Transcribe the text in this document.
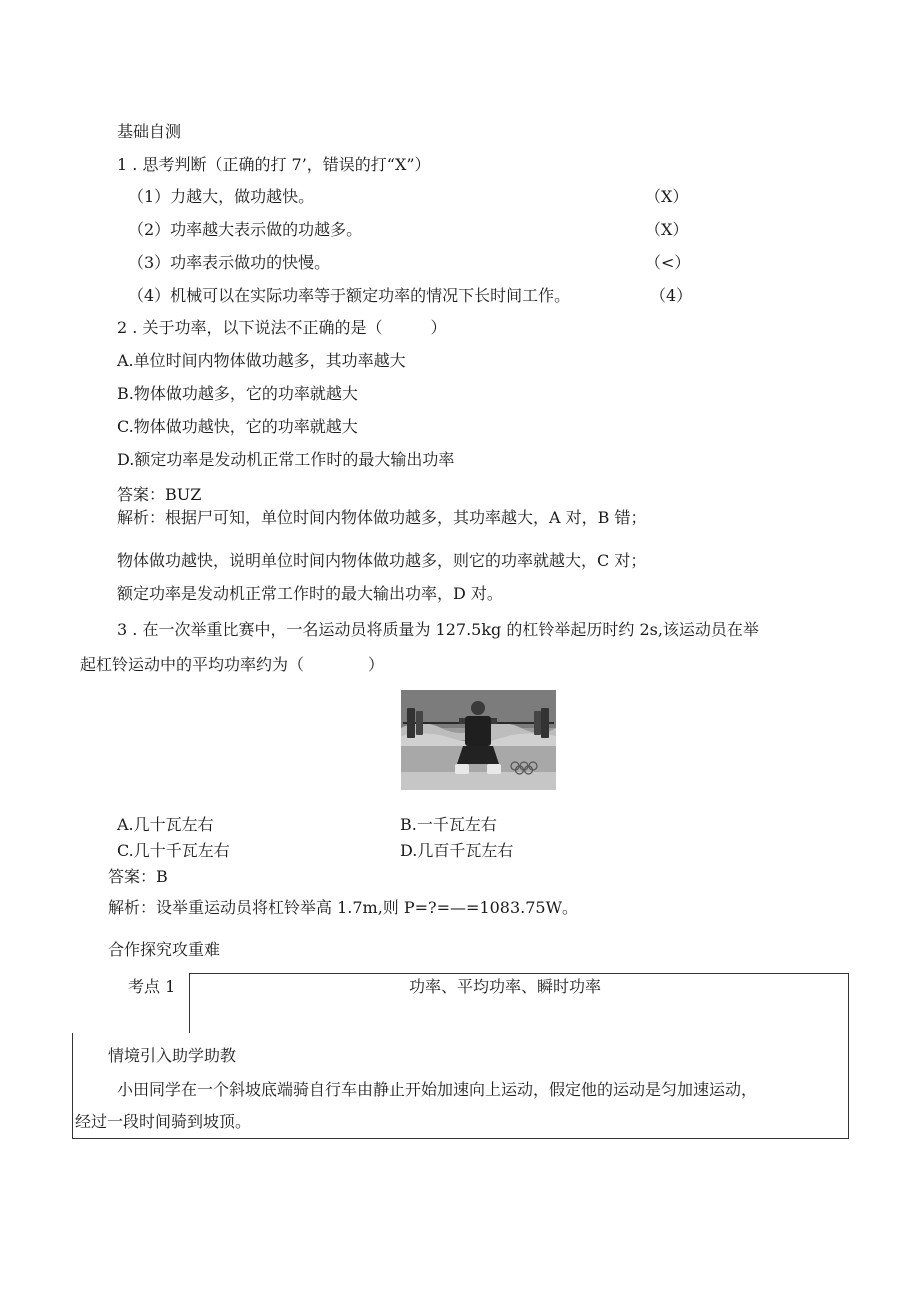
基础自测
1 . 思考判断（正确的打 7’，错误的打“X”）
（1）力越大，做功越快。	（X）
（2）功率越大表示做的功越多。	（X）
（3）功率表示做功的快慢。	（<）
（4）机械可以在实际功率等于额定功率的情况下长时间工作。	（4）
2 . 关于功率，以下说法不正确的是（　　　）
A.单位时间内物体做功越多，其功率越大
B.物体做功越多，它的功率就越大
C.物体做功越快，它的功率就越大
D.额定功率是发动机正常工作时的最大输出功率
答案：BUZ
解析：根据尸可知，单位时间内物体做功越多，其功率越大，A 对，B 错；
物体做功越快，说明单位时间内物体做功越多，则它的功率就越大，C 对；
额定功率是发动机正常工作时的最大输出功率，D 对。
3 . 在一次举重比赛中，一名运动员将质量为 127.5kg 的杠铃举起历时约 2s,该运动员在举
起杠铃运动中的平均功率约为（　　　　）
A.几十瓦左右	B.一千瓦左右
C.几十千瓦左右	D.几百千瓦左右
答案：B
解析：设举重运动员将杠铃举高 1.7m,则 P=?=—=1083.75W。
合作探究攻重难
考点 1	功率、平均功率、瞬时功率
情境引入助学助教
小田同学在一个斜坡底端骑自行车由静止开始加速向上运动，假定他的运动是匀加速运动，
经过一段时间骑到坡顶。
